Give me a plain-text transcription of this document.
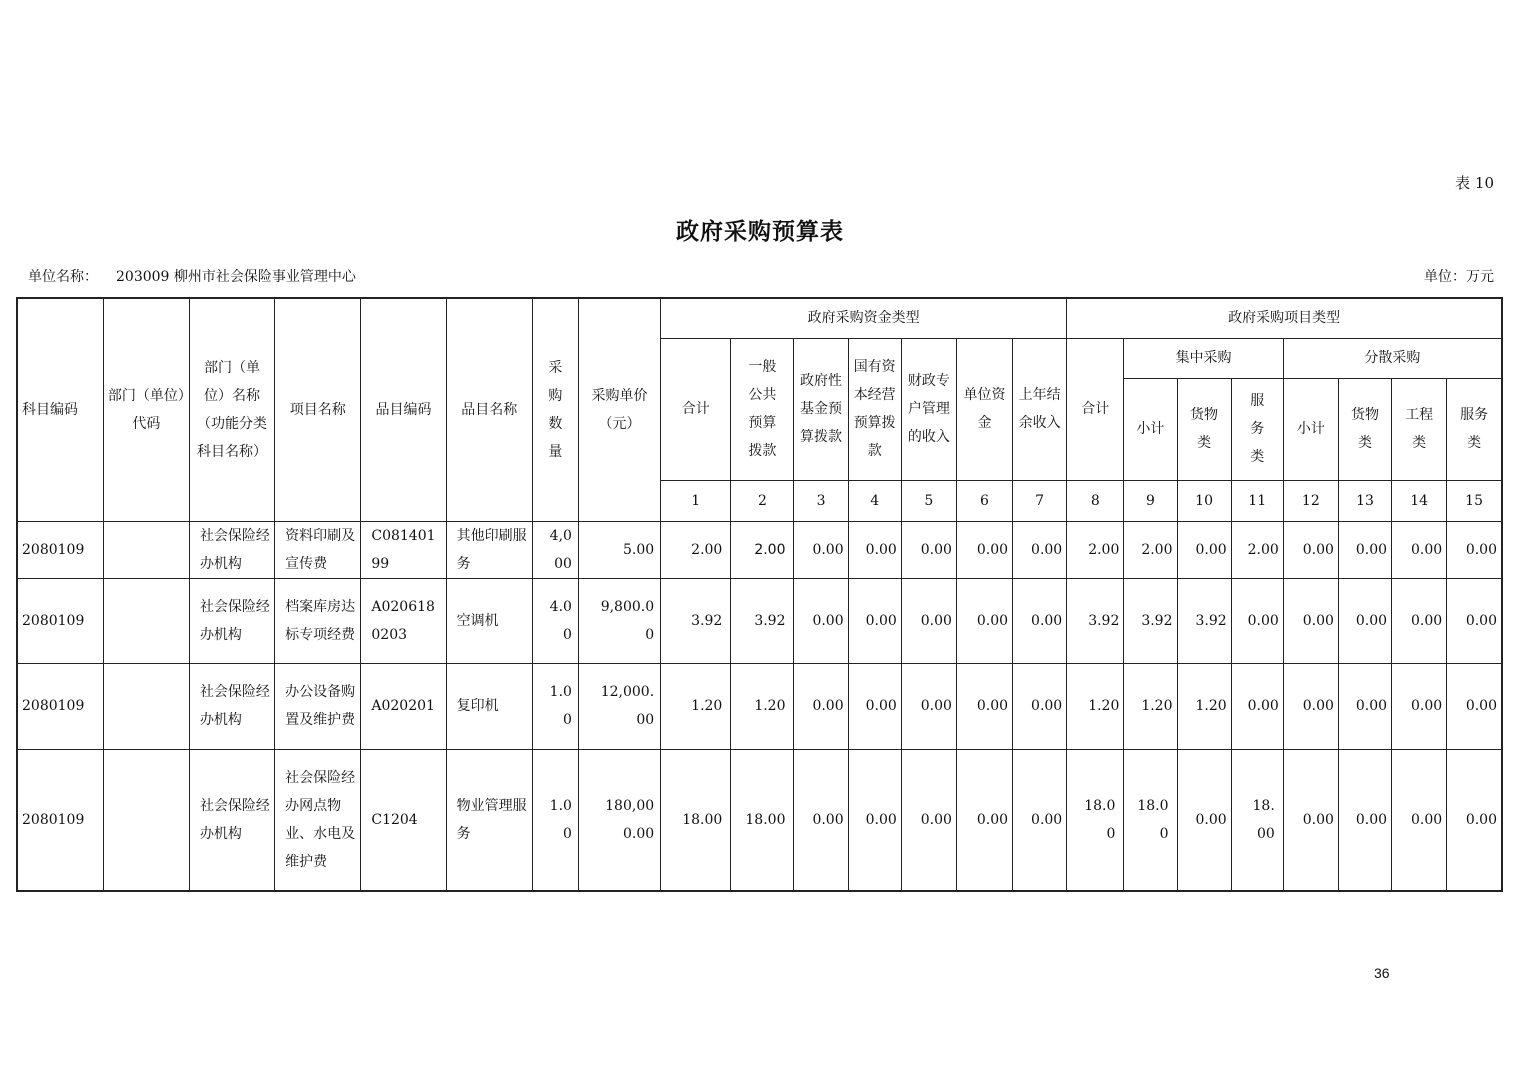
表 10
政府采购预算表
单位名称： 203009 柳州市社会保险事业管理中心	单位：万元
科目编码	部门（单位）代码	部门（单位）名称（功能分类科目名称）	项目名称	品目编码	品目名称	采购数量	采购单价（元）	政府采购资金类型							政府采购项目类型							
								合计	一般公共预算拨款	政府性基金预算拨款	国有资本经营预算拨款	财政专户管理的收入	单位资金	上年结余收入	合计	集中采购			分散采购			
																小计	货物类	服务类	小计	货物类	工程类	服务类
								1	2	3	4	5	6	7	8	9	10	11	12	13	14	15
2080109		社会保险经办机构	资料印刷及宣传费	C08140199	其他印刷服务	4,000	5.00	2.00	2.00	0.00	0.00	0.00	0.00	0.00	2.00	2.00	0.00	2.00	0.00	0.00	0.00	0.00
2080109		社会保险经办机构	档案库房达标专项经费	A0206180203	空调机	4.00	9,800.00	3.92	3.92	0.00	0.00	0.00	0.00	0.00	3.92	3.92	3.92	0.00	0.00	0.00	0.00	0.00
2080109		社会保险经办机构	办公设备购置及维护费	A020201	复印机	1.00	12,000.00	1.20	1.20	0.00	0.00	0.00	0.00	0.00	1.20	1.20	1.20	0.00	0.00	0.00	0.00	0.00
2080109		社会保险经办机构	社会保险经办网点物业、水电及维护费	C1204	物业管理服务	1.00	180,000.00	18.00	18.00	0.00	0.00	0.00	0.00	0.00	18.00	18.00	0.00	18.00	0.00	0.00	0.00	0.00
36
